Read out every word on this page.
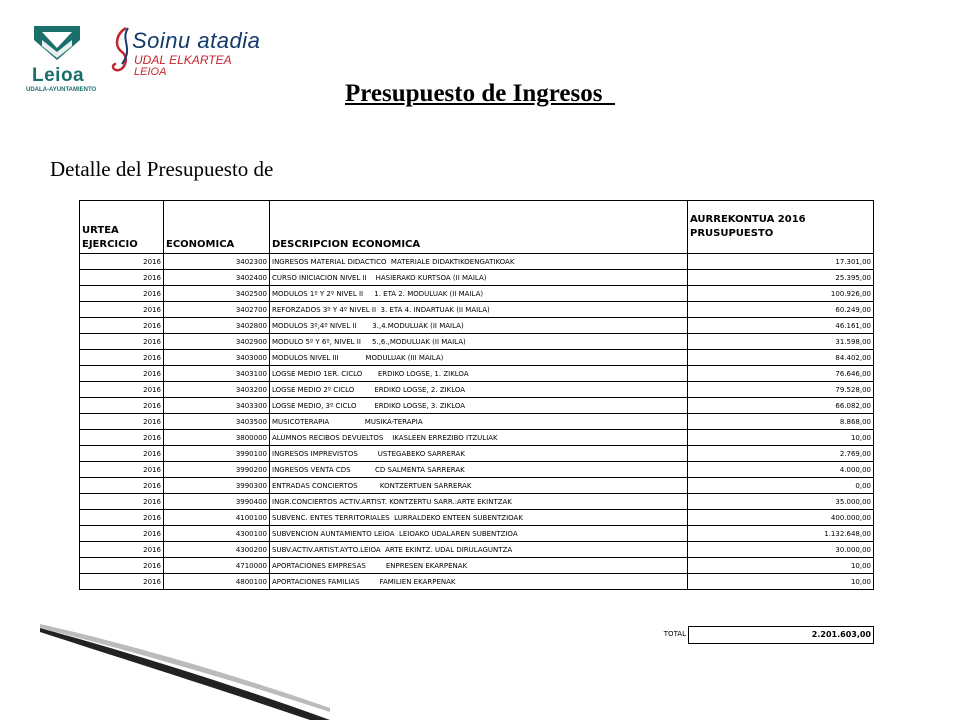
Leioa
UDALA-AYUNTAMIENTO
Soinu atadia
UDAL ELKARTEA
LEIOA
Presupuesto de Ingresos
Detalle del Presupuesto de
URTEA EJERCICIO	ECONOMICA	DESCRIPCION ECONOMICA	AURREKONTUA 2016 PRUSUPUESTO
2016	3402300	INGRESOS MATERIAL DIDACTICO  MATERIALE DIDAKTIKOENGATIKOAK	17.301,00
2016	3402400	CURSO INICIACION NIVEL II    HASIERAKO KURTSOA (II MAILA)	25.395,00
2016	3402500	MODULOS 1º Y 2º NIVEL II     1. ETA 2. MODULUAK (II MAILA)	100.926,00
2016	3402700	REFORZADOS 3º Y 4º NIVEL II  3. ETA 4. INDARTUAK (II MAILA)	60.249,00
2016	3402800	MODULOS 3º,4º NIVEL II       3.,4.MODULUAK (II MAILA)	46.161,00
2016	3402900	MODULO 5º Y 6º, NIVEL II     5.,6.,MODULUAK (II MAILA)	31.598,00
2016	3403000	MODULOS NIVEL III            MODULUAK (III MAILA)	84.402,00
2016	3403100	LOGSE MEDIO 1ER. CICLO       ERDIKO LOGSE, 1. ZIKLOA	76.646,00
2016	3403200	LOGSE MEDIO 2º CICLO         ERDIKO LOGSE, 2. ZIKLOA	79.528,00
2016	3403300	LOGSE MEDIO, 3º CICLO        ERDIKO LOGSE, 3. ZIKLOA	66.082,00
2016	3403500	MUSICOTERAPIA                MUSIKA-TERAPIA	8.868,00
2016	3800000	ALUMNOS RECIBOS DEVUELTOS    IKASLEEN ERREZIBO ITZULIAK	10,00
2016	3990100	INGRESOS IMPREVISTOS         USTEGABEKO SARRERAK	2.769,00
2016	3990200	INGRESOS VENTA CDS           CD SALMENTA SARRERAK	4.000,00
2016	3990300	ENTRADAS CONCIERTOS          KONTZERTUEN SARRERAK	0,00
2016	3990400	INGR.CONCIERTOS ACTIV.ARTIST. KONTZERTU SARR.:ARTE EKINTZAK	35.000,00
2016	4100100	SUBVENC. ENTES TERRITORIALES  LURRALDEKO ENTEEN SUBENTZIOAK	400.000,00
2016	4300100	SUBVENCION AUNTAMIENTO LEIOA  LEIOAKO UDALAREN SUBENTZIOA	1.132.648,00
2016	4300200	SUBV.ACTIV.ARTIST.AYTO.LEIOA  ARTE EKINTZ. UDAL DIRULAGUNTZA	30.000,00
2016	4710000	APORTACIONES EMPRESAS         ENPRESEN EKARPENAK	10,00
2016	4800100	APORTACIONES FAMILIAS         FAMILIEN EKARPENAK	10,00
TOTAL	2.201.603,00
